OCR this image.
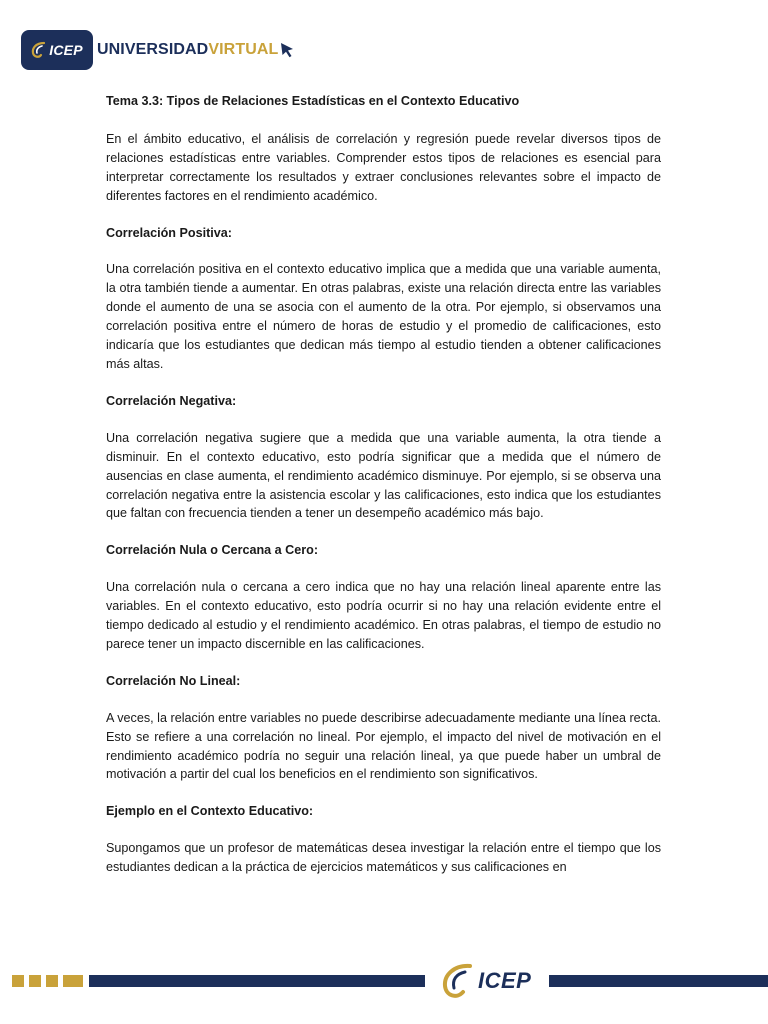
ICEP UNIVERSIDAD VIRTUAL

Tema 3.3: Tipos de Relaciones Estadísticas en el Contexto Educativo

En el ámbito educativo, el análisis de correlación y regresión puede revelar diversos tipos de relaciones estadísticas entre variables. Comprender estos tipos de relaciones es esencial para interpretar correctamente los resultados y extraer conclusiones relevantes sobre el impacto de diferentes factores en el rendimiento académico.

Correlación Positiva:

Una correlación positiva en el contexto educativo implica que a medida que una variable aumenta, la otra también tiende a aumentar. En otras palabras, existe una relación directa entre las variables donde el aumento de una se asocia con el aumento de la otra. Por ejemplo, si observamos una correlación positiva entre el número de horas de estudio y el promedio de calificaciones, esto indicaría que los estudiantes que dedican más tiempo al estudio tienden a obtener calificaciones más altas.

Correlación Negativa:

Una correlación negativa sugiere que a medida que una variable aumenta, la otra tiende a disminuir. En el contexto educativo, esto podría significar que a medida que el número de ausencias en clase aumenta, el rendimiento académico disminuye. Por ejemplo, si se observa una correlación negativa entre la asistencia escolar y las calificaciones, esto indica que los estudiantes que faltan con frecuencia tienden a tener un desempeño académico más bajo.

Correlación Nula o Cercana a Cero:

Una correlación nula o cercana a cero indica que no hay una relación lineal aparente entre las variables. En el contexto educativo, esto podría ocurrir si no hay una relación evidente entre el tiempo dedicado al estudio y el rendimiento académico. En otras palabras, el tiempo de estudio no parece tener un impacto discernible en las calificaciones.

Correlación No Lineal:

A veces, la relación entre variables no puede describirse adecuadamente mediante una línea recta. Esto se refiere a una correlación no lineal. Por ejemplo, el impacto del nivel de motivación en el rendimiento académico podría no seguir una relación lineal, ya que puede haber un umbral de motivación a partir del cual los beneficios en el rendimiento son significativos.

Ejemplo en el Contexto Educativo:

Supongamos que un profesor de matemáticas desea investigar la relación entre el tiempo que los estudiantes dedican a la práctica de ejercicios matemáticos y sus calificaciones en

ICEP
